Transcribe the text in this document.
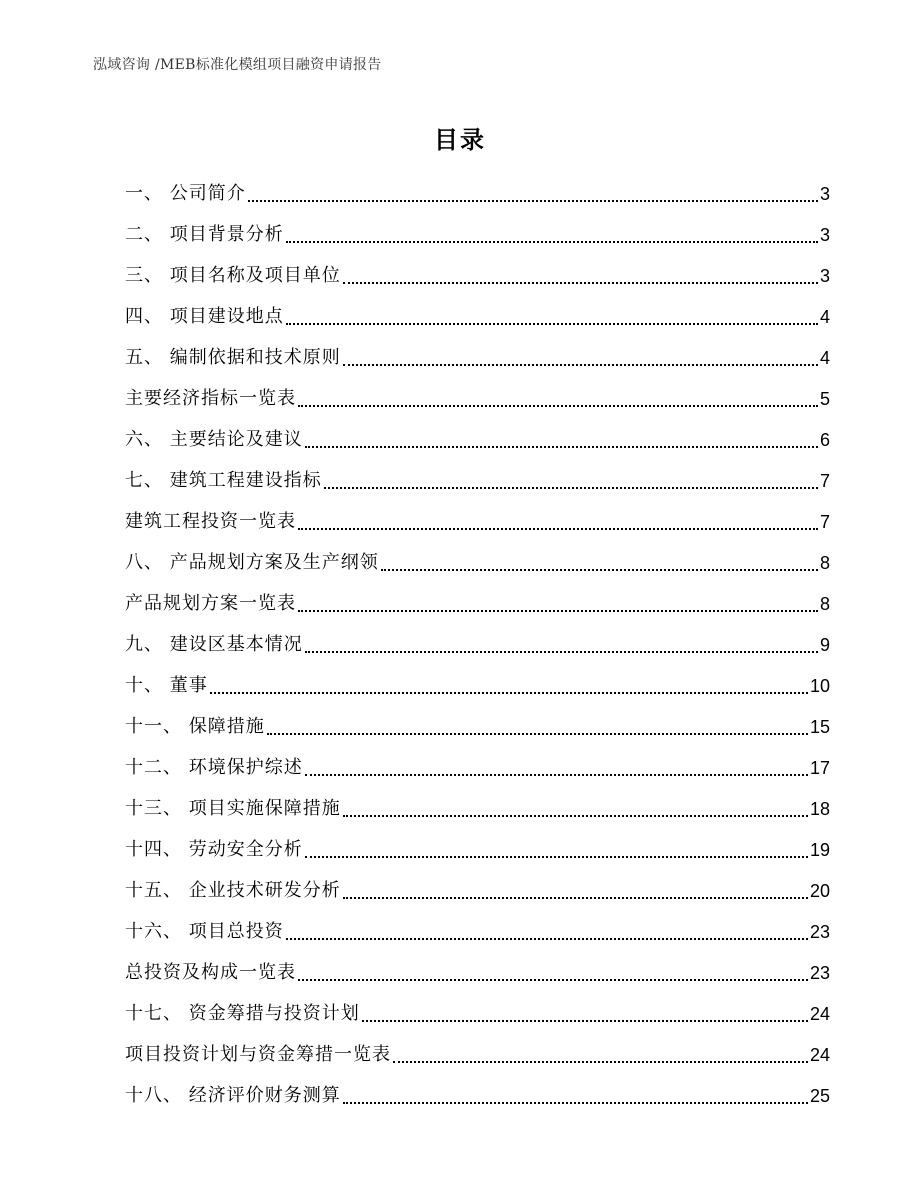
泓域咨询 /MEB标准化模组项目融资申请报告
目录
一、 公司简介	3
二、 项目背景分析	3
三、 项目名称及项目单位	3
四、 项目建设地点	4
五、 编制依据和技术原则	4
主要经济指标一览表	5
六、 主要结论及建议	6
七、 建筑工程建设指标	7
建筑工程投资一览表	7
八、 产品规划方案及生产纲领	8
产品规划方案一览表	8
九、 建设区基本情况	9
十、 董事	10
十一、 保障措施	15
十二、 环境保护综述	17
十三、 项目实施保障措施	18
十四、 劳动安全分析	19
十五、 企业技术研发分析	20
十六、 项目总投资	23
总投资及构成一览表	23
十七、 资金筹措与投资计划	24
项目投资计划与资金筹措一览表	24
十八、 经济评价财务测算	25
